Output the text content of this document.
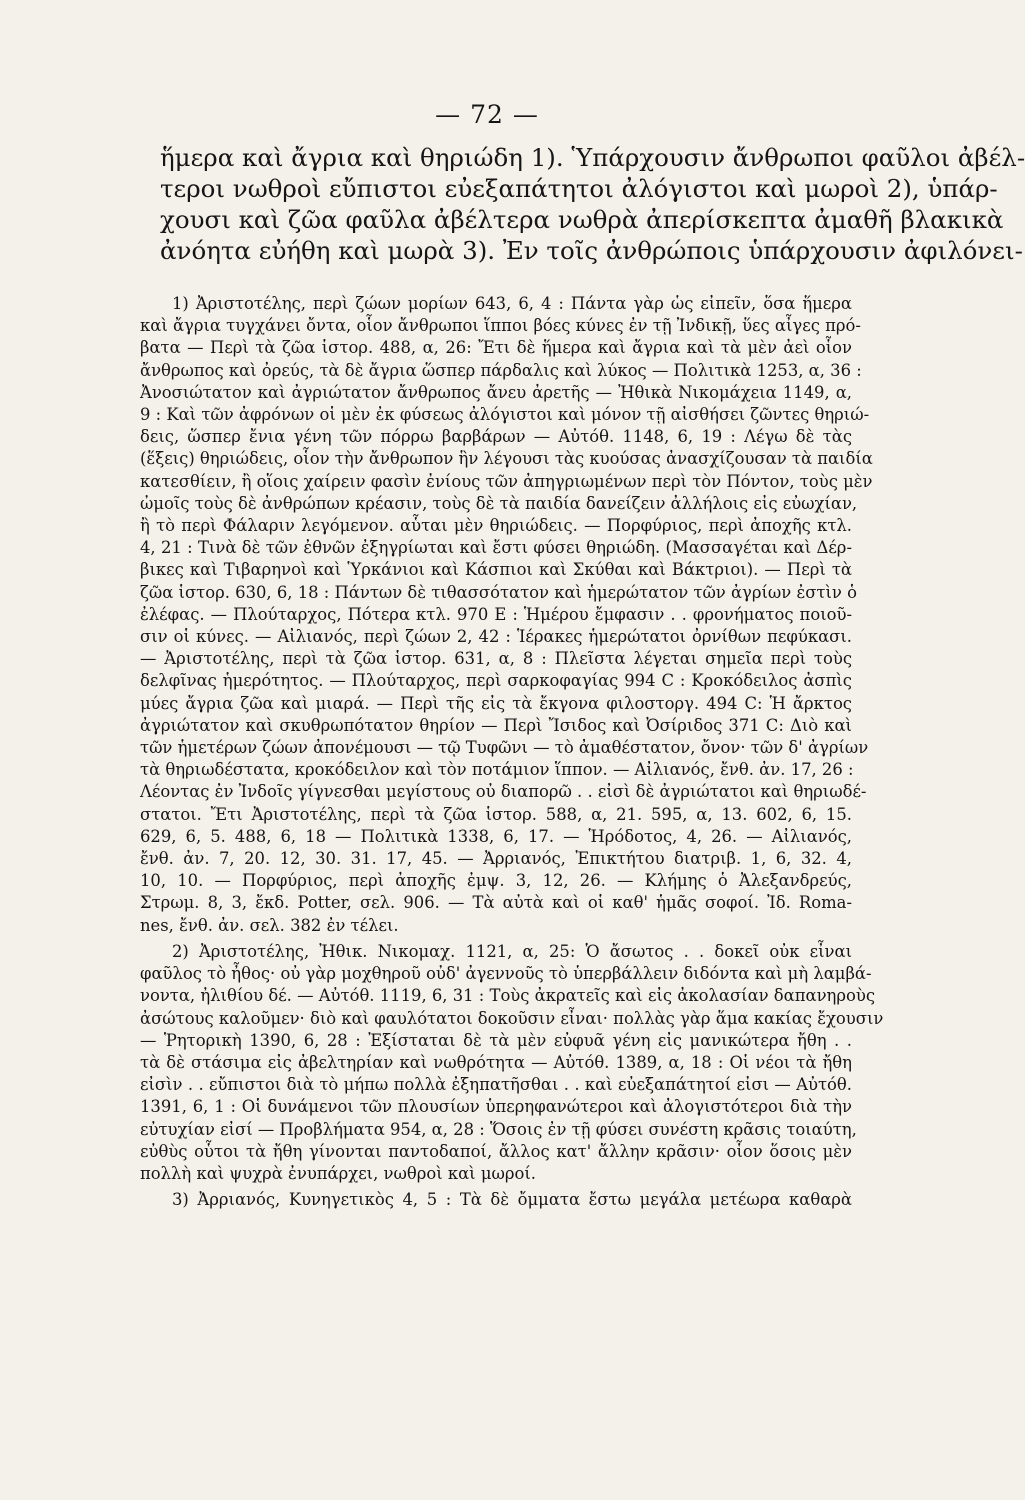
— 72 —
ἥμερα καὶ ἄγρια καὶ θηριώδη 1). Ὑπάρχουσιν ἄνθρωποι φαῦλοι ἀβέλ-
τεροι νωθροὶ εὔπιστοι εὐεξαπάτητοι ἀλόγιστοι καὶ μωροὶ 2), ὑπάρ-
χουσι καὶ ζῶα φαῦλα ἀβέλτερα νωθρὰ ἀπερίσκεπτα ἀμαθῆ βλακικὰ
ἀνόητα εὐήθη καὶ μωρὰ 3). Ἐν τοῖς ἀνθρώποις ὑπάρχουσιν ἀφιλόνει-
1) Ἀριστοτέλης, περὶ ζώων μορίων 643, 6, 4 : Πάντα γὰρ ὡς εἰπεῖν, ὅσα ἥμερα
καὶ ἄγρια τυγχάνει ὄντα, οἷον ἄνθρωποι ἵπποι βόες κύνες ἐν τῇ Ἰνδικῇ, ὕες αἶγες πρό-
βατα — Περὶ τὰ ζῶα ἱστορ. 488, α, 26: Ἔτι δὲ ἥμερα καὶ ἄγρια καὶ τὰ μὲν ἀεὶ οἷον
ἄνθρωπος καὶ ὀρεύς, τὰ δὲ ἄγρια ὥσπερ πάρδαλις καὶ λύκος — Πολιτικὰ 1253, α, 36 :
Ἀνοσιώτατον καὶ ἀγριώτατον ἄνθρωπος ἄνευ ἀρετῆς — Ἠθικὰ Νικομάχεια 1149, α,
9 : Καὶ τῶν ἀφρόνων οἱ μὲν ἐκ φύσεως ἀλόγιστοι καὶ μόνον τῇ αἰσθήσει ζῶντες θηριώ-
δεις, ὥσπερ ἔνια γένη τῶν πόρρω βαρβάρων — Αὐτόθ. 1148, 6, 19 : Λέγω δὲ τὰς
(ἕξεις) θηριώδεις, οἷον τὴν ἄνθρωπον ἣν λέγουσι τὰς κυούσας ἀνασχίζουσαν τὰ παιδία
κατεσθίειν, ἢ οἵοις χαίρειν φασὶν ἐνίους τῶν ἀπηγριωμένων περὶ τὸν Πόντον, τοὺς μὲν
ὠμοῖς τοὺς δὲ ἀνθρώπων κρέασιν, τοὺς δὲ τὰ παιδία δανείζειν ἀλλήλοις εἰς εὐωχίαν,
ἢ τὸ περὶ Φάλαριν λεγόμενον. αὗται μὲν θηριώδεις. — Πορφύριος, περὶ ἀποχῆς κτλ.
4, 21 : Τινὰ δὲ τῶν ἐθνῶν ἐξηγρίωται καὶ ἔστι φύσει θηριώδη. (Μασσαγέται καὶ Δέρ-
βικες καὶ Τιβαρηνοὶ καὶ Ὑρκάνιοι καὶ Κάσπιοι καὶ Σκύθαι καὶ Βάκτριοι). — Περὶ τὰ
ζῶα ἱστορ. 630, 6, 18 : Πάντων δὲ τιθασσότατον καὶ ἡμερώτατον τῶν ἀγρίων ἐστὶν ὁ
ἐλέφας. — Πλούταρχος, Πότερα κτλ. 970 Ε : Ἡμέρου ἔμφασιν . . φρονήματος ποιοῦ-
σιν οἱ κύνες. — Αἰλιανός, περὶ ζώων 2, 42 : Ἱέρακες ἡμερώτατοι ὀρνίθων πεφύκασι.
— Ἀριστοτέλης, περὶ τὰ ζῶα ἱστορ. 631, α, 8 : Πλεῖστα λέγεται σημεῖα περὶ τοὺς
δελφῖνας ἡμερότητος. — Πλούταρχος, περὶ σαρκοφαγίας 994 C : Κροκόδειλος ἀσπὶς
μύες ἄγρια ζῶα καὶ μιαρά. — Περὶ τῆς εἰς τὰ ἔκγονα φιλοστοργ. 494 C: Ἡ ἄρκτος
ἀγριώτατον καὶ σκυθρωπότατον θηρίον — Περὶ Ἴσιδος καὶ Ὀσίριδος 371 C: Διὸ καὶ
τῶν ἡμετέρων ζώων ἀπονέμουσι — τῷ Τυφῶνι — τὸ ἀμαθέστατον, ὄνον· τῶν δ' ἀγρίων
τὰ θηριωδέστατα, κροκόδειλον καὶ τὸν ποτάμιον ἵππον. — Αἰλιανός, ἔνθ. ἀν. 17, 26 :
Λέοντας ἐν Ἰνδοῖς γίγνεσθαι μεγίστους οὐ διαπορῶ . . εἰσὶ δὲ ἀγριώτατοι καὶ θηριωδέ-
στατοι. Ἔτι Ἀριστοτέλης, περὶ τὰ ζῶα ἱστορ. 588, α, 21. 595, α, 13. 602, 6, 15.
629, 6, 5. 488, 6, 18 — Πολιτικὰ 1338, 6, 17. — Ἡρόδοτος, 4, 26. — Αἰλιανός,
ἔνθ. ἀν. 7, 20. 12, 30. 31. 17, 45. — Ἀρριανός, Ἐπικτήτου διατριβ. 1, 6, 32. 4,
10, 10. — Πορφύριος, περὶ ἀποχῆς ἐμψ. 3, 12, 26. — Κλήμης ὁ Ἀλεξανδρεύς,
Στρωμ. 8, 3, ἔκδ. Potter, σελ. 906. — Τὰ αὐτὰ καὶ οἱ καθ' ἡμᾶς σοφοί. Ἰδ. Roma-
nes, ἔνθ. ἀν. σελ. 382 ἐν τέλει.
2) Ἀριστοτέλης, Ἠθικ. Νικομαχ. 1121, α, 25: Ὁ ἄσωτος . . δοκεῖ οὐκ εἶναι
φαῦλος τὸ ἦθος· οὐ γὰρ μοχθηροῦ οὐδ' ἀγεννοῦς τὸ ὑπερβάλλειν διδόντα καὶ μὴ λαμβά-
νοντα, ἠλιθίου δέ. — Αὐτόθ. 1119, 6, 31 : Τοὺς ἀκρατεῖς καὶ εἰς ἀκολασίαν δαπανηροὺς
ἀσώτους καλοῦμεν· διὸ καὶ φαυλότατοι δοκοῦσιν εἶναι· πολλὰς γὰρ ἅμα κακίας ἔχουσιν
— Ῥητορικὴ 1390, 6, 28 : Ἐξίσταται δὲ τὰ μὲν εὐφυᾶ γένη εἰς μανικώτερα ἤθη . .
τὰ δὲ στάσιμα εἰς ἀβελτηρίαν καὶ νωθρότητα — Αὐτόθ. 1389, α, 18 : Οἱ νέοι τὰ ἤθη
εἰσὶν . . εὔπιστοι διὰ τὸ μήπω πολλὰ ἐξηπατῆσθαι . . καὶ εὐεξαπάτητοί εἰσι — Αὐτόθ.
1391, 6, 1 : Οἱ δυνάμενοι τῶν πλουσίων ὑπερηφανώτεροι καὶ ἀλογιστότεροι διὰ τὴν
εὐτυχίαν εἰσί — Προβλήματα 954, α, 28 : Ὅσοις ἐν τῇ φύσει συνέστη κρᾶσις τοιαύτη,
εὐθὺς οὗτοι τὰ ἤθη γίνονται παντοδαποί, ἄλλος κατ' ἄλλην κρᾶσιν· οἷον ὅσοις μὲν
πολλὴ καὶ ψυχρὰ ἐνυπάρχει, νωθροὶ καὶ μωροί.
3) Ἀρριανός, Κυνηγετικὸς 4, 5 : Τὰ δὲ ὄμματα ἔστω μεγάλα μετέωρα καθαρὰ
